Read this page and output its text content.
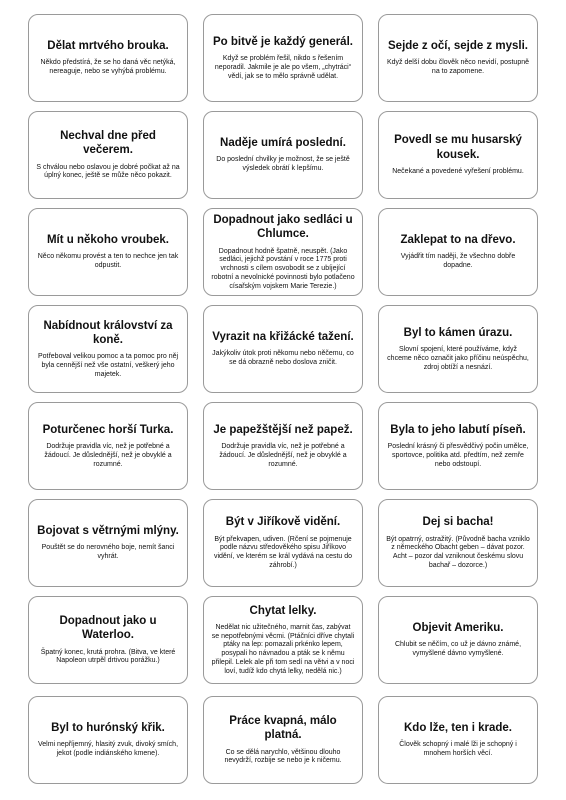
Dělat mrtvého brouka.
Někdo předstírá, že se ho daná věc netýká, nereaguje, nebo se vyhýbá problému.
Po bitvě je každý generál.
Když se problém řešil, nikdo s řešením neporadil. Jakmile je ale po všem, „chytráci“ vědí, jak se to mělo správně udělat.
Sejde z očí, sejde z mysli.
Když delší dobu člověk něco nevidí, postupně na to zapomene.
Nechval dne před večerem.
S chválou nebo oslavou je dobré počkat až na úplný konec, ještě se může něco pokazit.
Naděje umírá poslední.
Do poslední chvilky je možnost, že se ještě výsledek obrátí k lepšímu.
Povedl se mu husarský kousek.
Nečekané a povedené vyřešení problému.
Mít u někoho vroubek.
Něco někomu provést a ten to nechce jen tak odpustit.
Dopadnout jako sedláci u Chlumce.
Dopadnout hodně špatně, neuspět. (Jako sedláci, jejichž povstání v roce 1775 proti vrchnosti s cílem osvobodit se z ubíjející robotní a nevolnické povinnosti bylo potlačeno císařským vojskem Marie Terezie.)
Zaklepat to na dřevo.
Vyjádřit tím naději, že všechno dobře dopadne.
Nabídnout království za koně.
Potřeboval velikou pomoc a ta pomoc pro něj byla cennější než vše ostatní, veškerý jeho majetek.
Vyrazit na křižácké tažení.
Jakýkoliv útok proti někomu nebo něčemu, co se dá obrazně nebo doslova zničit.
Byl to kámen úrazu.
Slovní spojení, které používáme, když chceme něco označit jako příčinu neúspěchu, zdroj obtíží a nesnází.
Poturčenec horší Turka.
Dodržuje pravidla víc, než je potřebné a žádoucí. Je důslednější, než je obvyklé a rozumné.
Je papežštější než papež.
Dodržuje pravidla víc, než je potřebné a žádoucí. Je důslednější, než je obvyklé a rozumné.
Byla to jeho labutí píseň.
Poslední krásný či přesvědčivý počin umělce, sportovce, politika atd. předtím, než zemře nebo odstoupí.
Bojovat s větrnými mlýny.
Pouštět se do nerovného boje, nemít šanci vyhrát.
Být v Jiříkově vidění.
Být překvapen, udiven. (Rčení se pojmenuje podle názvu středověkého spisu Jiříkovo vidění, ve kterém se král vydává na cestu do záhrobí.)
Dej si bacha!
Být opatrný, ostražitý. (Původně bacha vzniklo z německého Obacht geben – dávat pozor. Acht – pozor dal vzniknout českému slovu bachař – dozorce.)
Dopadnout jako u Waterloo.
Špatný konec, krutá prohra. (Bitva, ve které Napoleon utrpěl drtivou porážku.)
Chytat lelky.
Nedělat nic užitečného, marnit čas, zabývat se nepotřebnými věcmi. (Ptáčníci dříve chytali ptáky na lep: pomazali prkénko lepem, posypali ho návnadou a pták se k němu přilepil. Lelek ale při tom sedí na větvi a v noci loví, tudíž kdo chytá lelky, nedělá nic.)
Objevit Ameriku.
Chlubit se něčím, co už je dávno známé, vymyšlené dávno vymyšlené.
Byl to hurónský křik.
Velmi nepříjemný, hlasitý zvuk, divoký smích, jekot (podle indiánského kmene).
Práce kvapná, málo platná.
Co se dělá narychlo, většinou dlouho nevydrží, rozbije se nebo je k ničemu.
Kdo lže, ten i krade.
Člověk schopný i malé lži je schopný i mnohem horších věcí.
